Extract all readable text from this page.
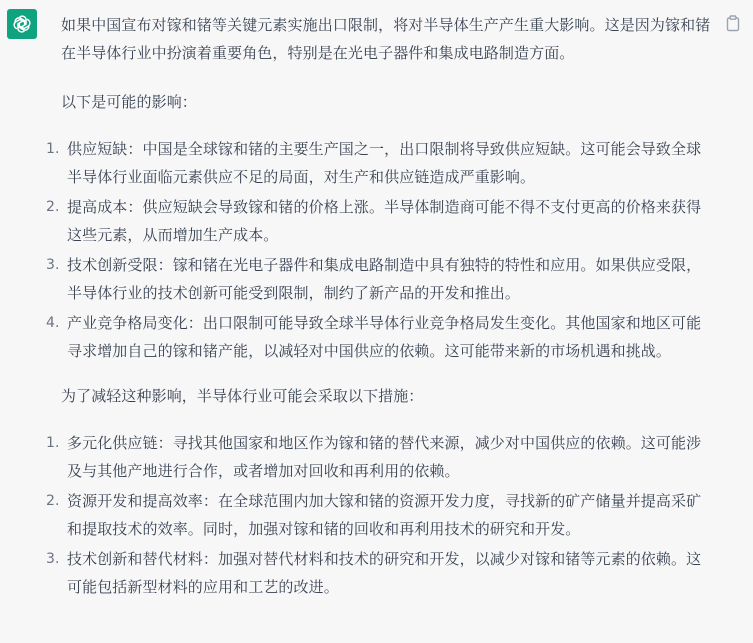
如果中国宣布对镓和锗等关键元素实施出口限制，将对半导体生产产生重大影响。这是因为镓和锗在半导体行业中扮演着重要角色，特别是在光电子器件和集成电路制造方面。

以下是可能的影响：

1. 供应短缺：中国是全球镓和锗的主要生产国之一，出口限制将导致供应短缺。这可能会导致全球半导体行业面临元素供应不足的局面，对生产和供应链造成严重影响。
2. 提高成本：供应短缺会导致镓和锗的价格上涨。半导体制造商可能不得不支付更高的价格来获得这些元素，从而增加生产成本。
3. 技术创新受限：镓和锗在光电子器件和集成电路制造中具有独特的特性和应用。如果供应受限，半导体行业的技术创新可能受到限制，制约了新产品的开发和推出。
4. 产业竞争格局变化：出口限制可能导致全球半导体行业竞争格局发生变化。其他国家和地区可能寻求增加自己的镓和锗产能，以减轻对中国供应的依赖。这可能带来新的市场机遇和挑战。

为了减轻这种影响，半导体行业可能会采取以下措施：

1. 多元化供应链：寻找其他国家和地区作为镓和锗的替代来源，减少对中国供应的依赖。这可能涉及与其他产地进行合作，或者增加对回收和再利用的依赖。
2. 资源开发和提高效率：在全球范围内加大镓和锗的资源开发力度，寻找新的矿产储量并提高采矿和提取技术的效率。同时，加强对镓和锗的回收和再利用技术的研究和开发。
3. 技术创新和替代材料：加强对替代材料和技术的研究和开发，以减少对镓和锗等元素的依赖。这可能包括新型材料的应用和工艺的改进。
